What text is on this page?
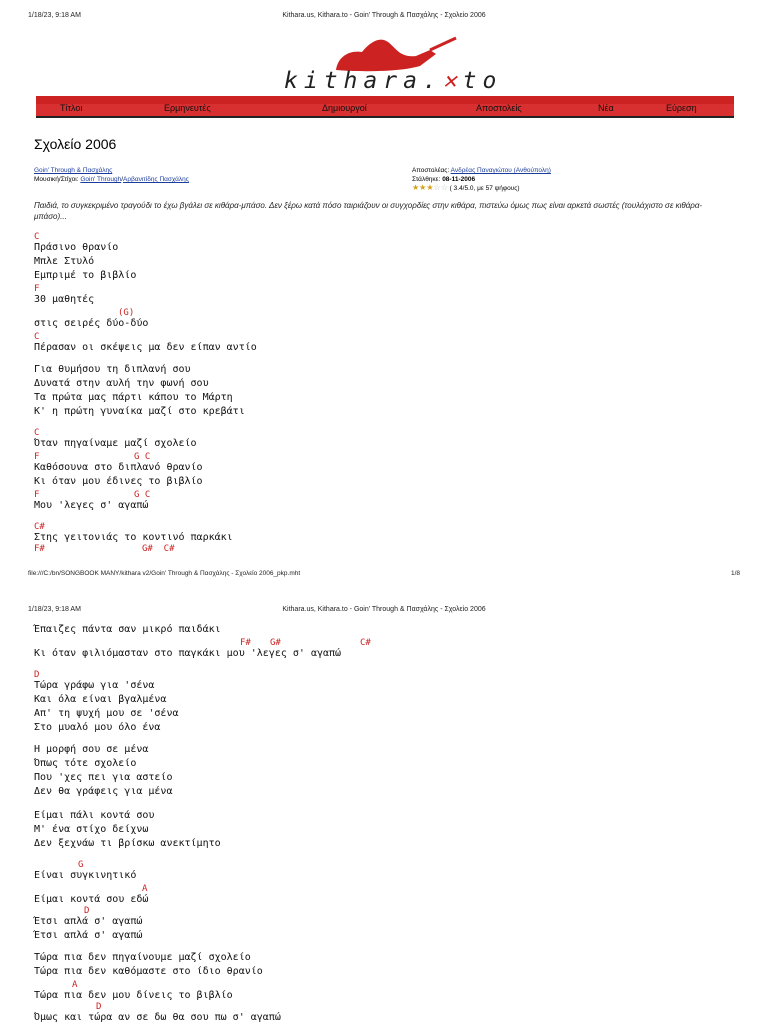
1/18/23, 9:18 AM	Kithara.us, Kithara.to - Goin' Through & Πασχάλης - Σχολείο 2006
kithara.✕to
Τίτλοι	Ερμηνευτές	Δημιουργοί	Αποστολείς	Νέα	Εύρεση
Σχολείο 2006
Goin' Through & Πασχάλης
Μουσική/Στίχοι: Goin' Through/Αρβανιτίδης Πασχάλης
Αποστολέας: Ανδρέας Παναγιώτου (Ανθούπολη)
Στάλθηκε: 08-11-2006
★★★☆☆ ( 3.4/5.0, με 57 ψήφους)
Παιδιά, το συγκεκριμένο τραγούδι το έχω βγάλει σε κιθάρα-μπάσο. Δεν ξέρω κατά πόσο ταιριάζουν οι συγχορδίες στην κιθάρα, πιστεύω όμως πως είναι αρκετά σωστές (τουλάχιστο σε κιθάρα-μπάσο)...
C
Πράσινο θρανίο
Μπλε Στυλό
Εμπριμέ το βιβλίο
F
30 μαθητές
(G)
στις σειρές δύο-δύο
C
Πέρασαν οι σκέψεις μα δεν είπαν αντίο
Για θυμήσου τη διπλανή σου
Δυνατά στην αυλή την φωνή σου
Τα πρώτα μας πάρτι κάπου το Μάρτη
Κ' η πρώτη γυναίκα μαζί στο κρεβάτι
C
Όταν πηγαίναμε μαζί σχολείο
F	G C
Καθόσουνα στο διπλανό θρανίο
Κι όταν μου έδινες το βιβλίο
F	G C
Μου 'λεγες σ' αγαπώ
C#
Στης γειτονιάς το κοντινό παρκάκι
F#	G#  C#
file:///C:/bn/SONGBOOK MANY/kithara v2/Goin' Through & Πασχάλης - Σχολείο 2006_pkp.mht	1/8
1/18/23, 9:18 AM	Kithara.us, Kithara.to - Goin' Through & Πασχάλης - Σχολείο 2006
Έπαιζες πάντα σαν μικρό παιδάκι
F# G#	C#
Κι όταν φιλιόμασταν στο παγκάκι μου 'λεγες σ' αγαπώ
D
Τώρα γράφω για 'σένα
Και όλα είναι βγαλμένα
Απ' τη ψυχή μου σε 'σένα
Στο μυαλό μου όλο ένα
Η μορφή σου σε μένα
Όπως τότε σχολείο
Που 'χες πει για αστείο
Δεν θα γράφεις για μένα
Είμαι πάλι κοντά σου
Μ' ένα στίχο δείχνω
Δεν ξεχνάω τι βρίσκω ανεκτίμητο
G
Είναι συγκινητικό
A
Είμαι κοντά σου εδώ
D
Έτσι απλά σ' αγαπώ
Έτσι απλά σ' αγαπώ
Τώρα πια δεν πηγαίνουμε μαζί σχολείο
Τώρα πια δεν καθόμαστε στο ίδιο θρανίο
A
Τώρα πια δεν μου δίνεις το βιβλίο
D
Όμως και τώρα αν σε δω θα σου πω σ' αγαπώ
